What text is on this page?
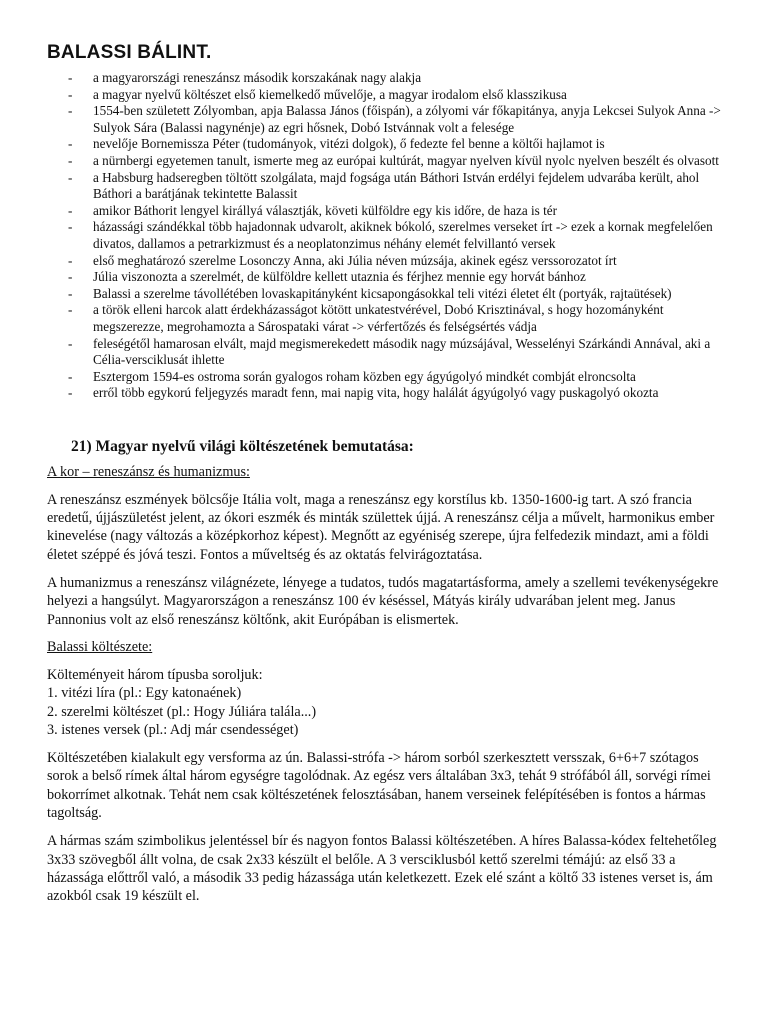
BALASSI BÁLINT.
- a magyarországi reneszánsz második korszakának nagy alakja
- a magyar nyelvű költészet első kiemelkedő művelője, a magyar irodalom első klasszikusa
- 1554-ben született Zólyomban, apja Balassa János (főispán), a zólyomi vár főkapitánya, anyja Lekcsei Sulyok Anna -> Sulyok Sára (Balassi nagynénje) az egri hősnek, Dobó Istvánnak volt a felesége
- nevelője Bornemissza Péter (tudományok, vitézi dolgok), ő fedezte fel benne a költői hajlamot is
- a nürnbergi egyetemen tanult, ismerte meg az európai kultúrát, magyar nyelven kívül nyolc nyelven beszélt és olvasott
- a Habsburg hadseregben töltött szolgálata, majd fogsága után Báthori István erdélyi fejdelem udvarába került, ahol Báthori a barátjának tekintette Balassit
- amikor Báthorit lengyel királlyá választják, követi külföldre egy kis időre, de haza is tér
- házassági szándékkal több hajadonnak udvarolt, akiknek bókoló, szerelmes verseket írt -> ezek a kornak megfelelően divatos, dallamos a petrarkizmust és a neoplatonzimus néhány elemét felvillantó versek
- első meghatározó szerelme Losonczy Anna, aki Júlia néven múzsája, akinek egész verssorozatot írt
- Júlia viszonozta a szerelmét, de külföldre kellett utaznia és férjhez mennie egy horvát bánhoz
- Balassi a szerelme távollétében lovaskapitányként kicsapongásokkal teli vitézi életet élt (portyák, rajtaütések)
- a török elleni harcok alatt érdekházasságot kötött unkatestvérével, Dobó Krisztinával, s hogy hozományként megszerezze, megrohamozta a Sárospataki várat -> vérfertőzés és felségsértés vádja
- feleségétől hamarosan elvált, majd megismerekedett második nagy múzsájával, Wesselényi Szárkándi Annával, aki a Célia-versciklusát ihlette
- Esztergom 1594-es ostroma során gyalogos roham közben egy ágyúgolyó mindkét combját elroncsolta
- erről több egykorú feljegyzés maradt fenn, mai napig vita, hogy halálát ágyúgolyó vagy puskagolyó okozta
21) Magyar nyelvű világi költészetének bemutatása:
A kor – reneszánsz és humanizmus:

A reneszánsz eszmények bölcsője Itália volt, maga a reneszánsz egy korstílus kb. 1350-1600-ig tart. A szó francia eredetű, újjászületést jelent, az ókori eszmék és minták születtek újjá. A reneszánsz célja a művelt, harmonikus ember kinevelése (nagy változás a középkorhoz képest). Megnőtt az egyéniség szerepe, újra felfedezik mindazt, ami a földi életet széppé és jóvá teszi. Fontos a műveltség és az oktatás felvirágoztatása.

A humanizmus a reneszánsz világnézete, lényege a tudatos, tudós magatartásforma, amely a szellemi tevékenységekre helyezi a hangsúlyt. Magyarországon a reneszánsz 100 év késéssel, Mátyás király udvarában jelent meg. Janus Pannonius volt az első reneszánsz költőnk, akit Európában is elismertek.

Balassi költészete:
Költeményeit három típusba soroljuk:
1. vitézi líra (pl.: Egy katonaének)
2. szerelmi költészet (pl.: Hogy Júliára talála...)
3. istenes versek (pl.: Adj már csendességet)

Költészetében kialakult egy versforma az ún. Balassi-strófa -> három sorból szerkesztett versszak, 6+6+7 szótagos sorok a belső rímek által három egységre tagolódnak. Az egész vers általában 3x3, tehát 9 strófából áll, sorvégi rímei bokorrímet alkotnak. Tehát nem csak költészetének felosztásában, hanem verseinek felépítésében is fontos a hármas tagoltság.

A hármas szám szimbolikus jelentéssel bír és nagyon fontos Balassi költészetében. A híres Balassa-kódex feltehetőleg 3x33 szövegből állt volna, de csak 2x33 készült el belőle. A 3 versciklusból kettő szerelmi témájú: az első 33 a házassága előttről való, a második 33 pedig házassága után keletkezett. Ezek elé szánt a költő 33 istenes verset is, ám azokból csak 19 készült el.
